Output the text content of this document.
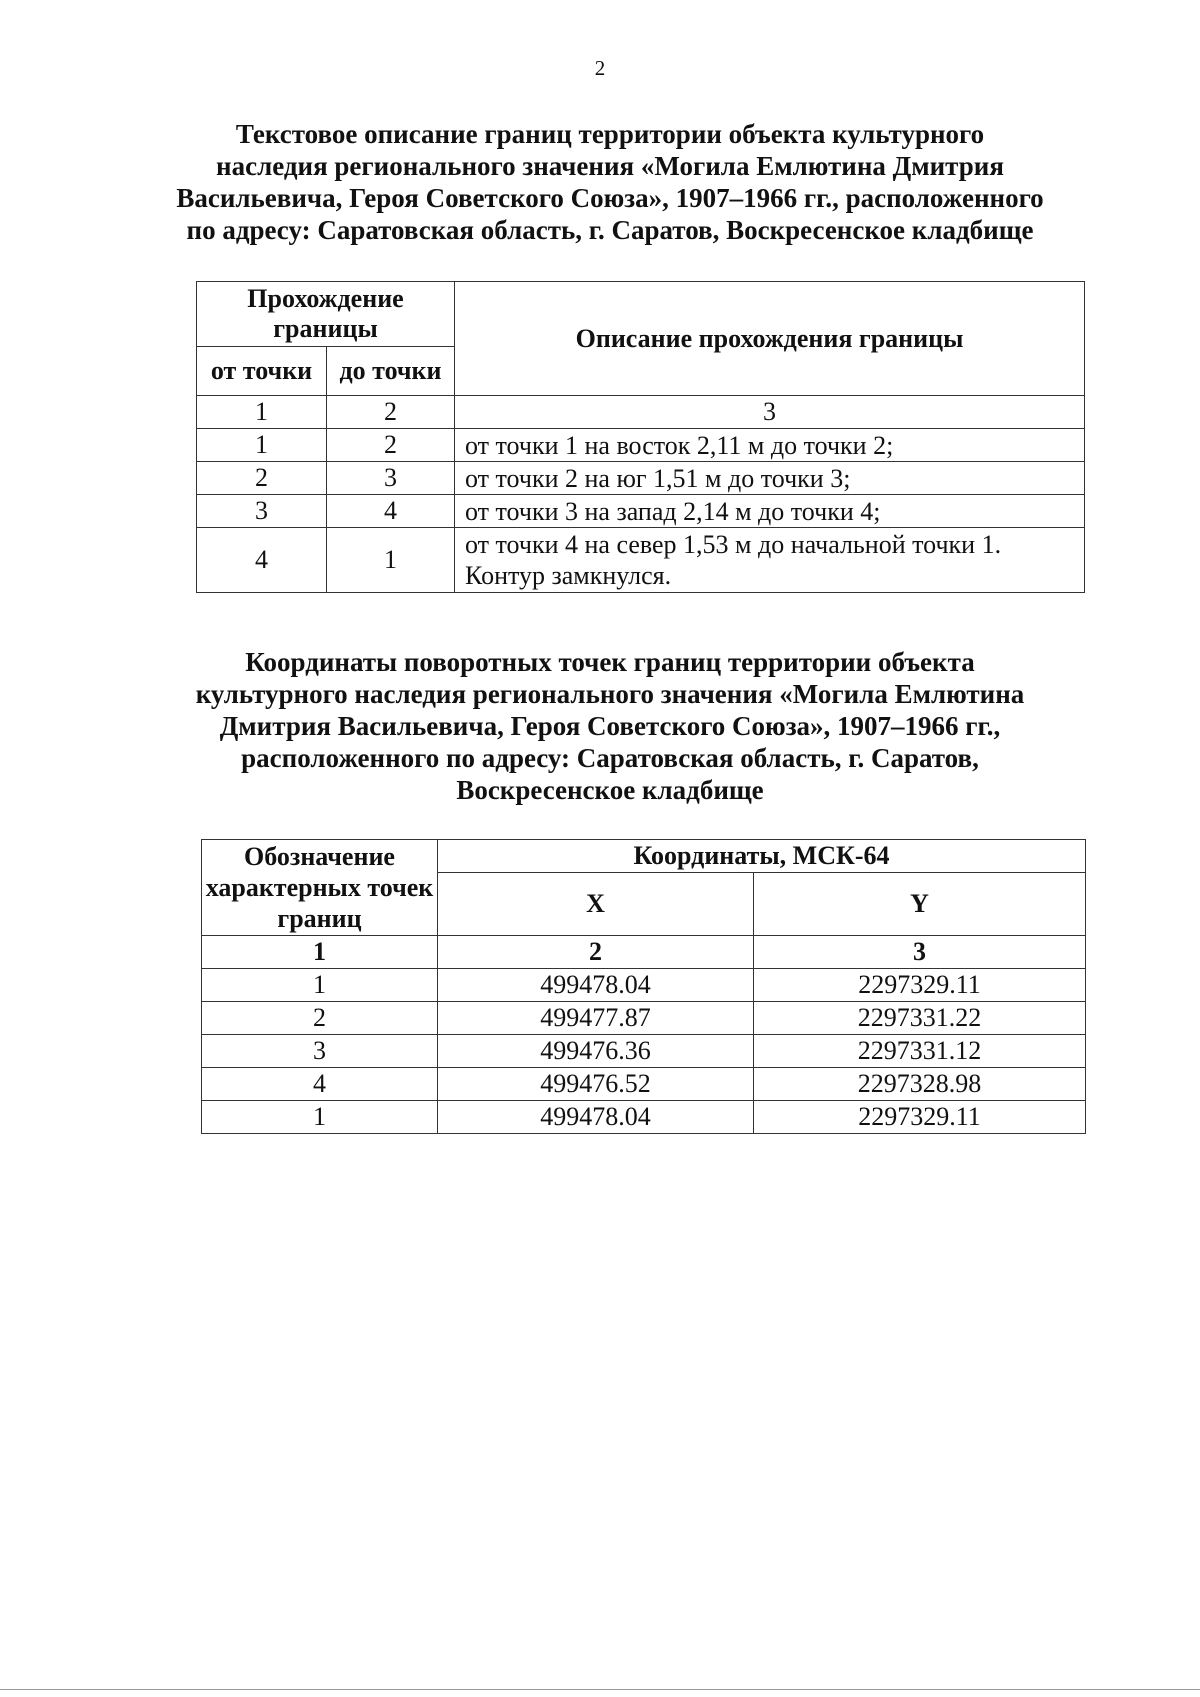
2
Текстовое описание границ территории объекта культурного
наследия регионального значения «Могила Емлютина Дмитрия
Васильевича, Героя Советского Союза», 1907–1966 гг., расположенного
по адресу: Саратовская область, г. Саратов, Воскресенское кладбище
Прохождение границы		Описание прохождения границы
от точки	до точки	
1	2	3
1	2	от точки 1 на восток 2,11 м до точки 2;
2	3	от точки 2 на юг 1,51 м до точки 3;
3	4	от точки 3 на запад 2,14 м до точки 4;
4	1	от точки 4 на север 1,53 м до начальной точки 1. Контур замкнулся.
Координаты поворотных точек границ территории объекта
культурного наследия регионального значения «Могила Емлютина
Дмитрия Васильевича, Героя Советского Союза», 1907–1966 гг.,
расположенного по адресу: Саратовская область, г. Саратов,
Воскресенское кладбище
Обозначение характерных точек границ	Координаты, МСК-64	
	X	Y
1	2	3
1	499478.04	2297329.11
2	499477.87	2297331.22
3	499476.36	2297331.12
4	499476.52	2297328.98
1	499478.04	2297329.11
